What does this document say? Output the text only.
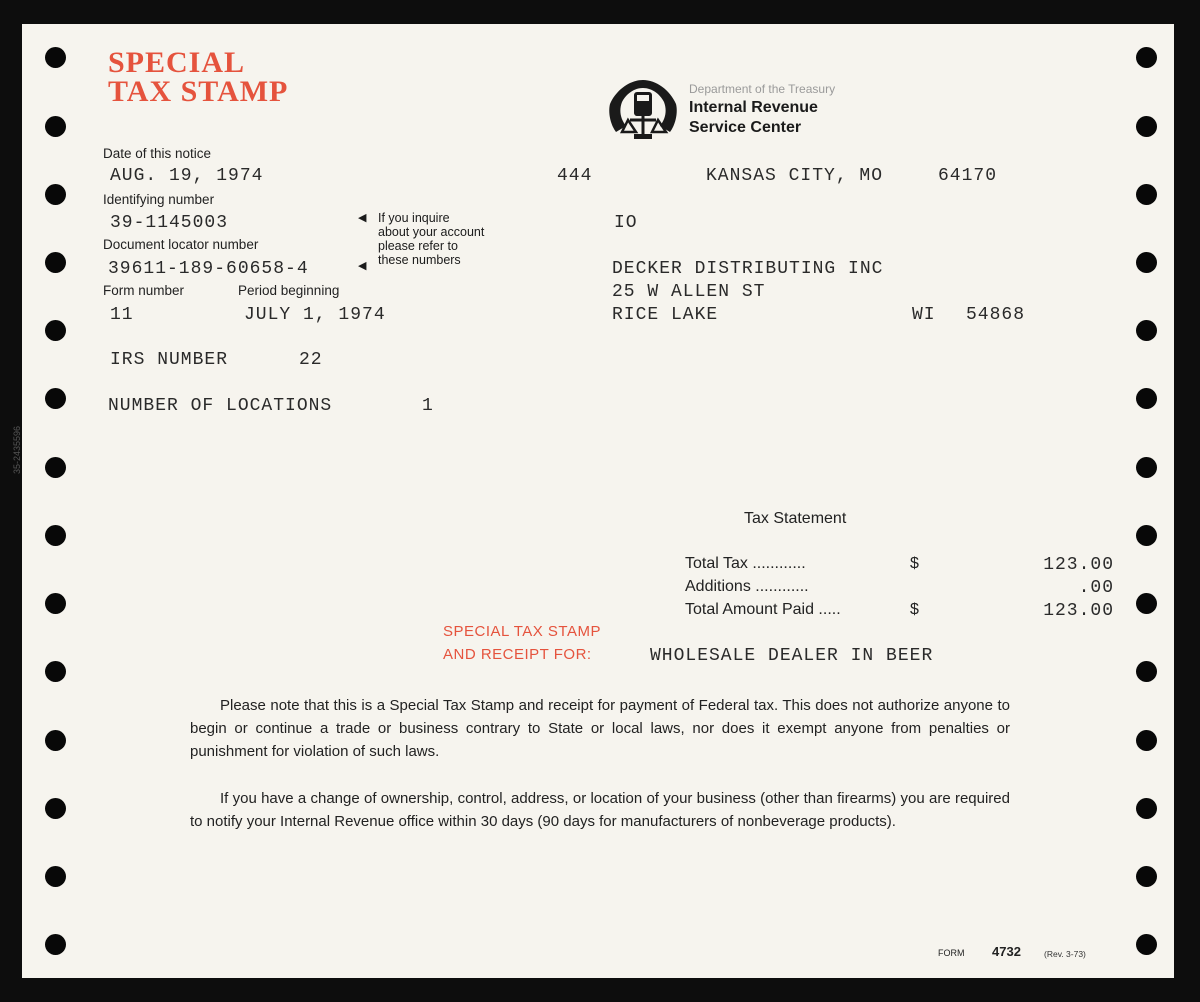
SPECIAL
TAX STAMP	Department of the Treasury
Internal Revenue
Service Center
Date of this notice
AUG. 19, 1974	444	KANSAS CITY, MO	64170
Identifying number
39-1145003	IO
◀ If you inquire
about your account
please refer to
these numbers
Document locator number
39611-189-60658-4	◀	DECKER DISTRIBUTING INC
25 W ALLEN ST
RICE LAKE	WI 54868
Form number	Period beginning
11	JULY 1, 1974
IRS NUMBER	22
NUMBER OF LOCATIONS	1
Tax Statement
Total Tax ............	$	123.00
Additions ............	.00
Total Amount Paid .....	$	123.00
SPECIAL TAX STAMP
AND RECEIPT FOR:	WHOLESALE DEALER IN BEER
Please note that this is a Special Tax Stamp and receipt for payment of Federal tax. This does not authorize anyone to begin or continue a trade or business contrary to State or local laws, nor does it exempt anyone from penalties or punishment for violation of such laws.
If you have a change of ownership, control, address, or location of your business (other than firearms) you are required to notify your Internal Revenue office within 30 days (90 days for manufacturers of nonbeverage products).
35-2435596
FORM 4732	(Rev. 3-73)
